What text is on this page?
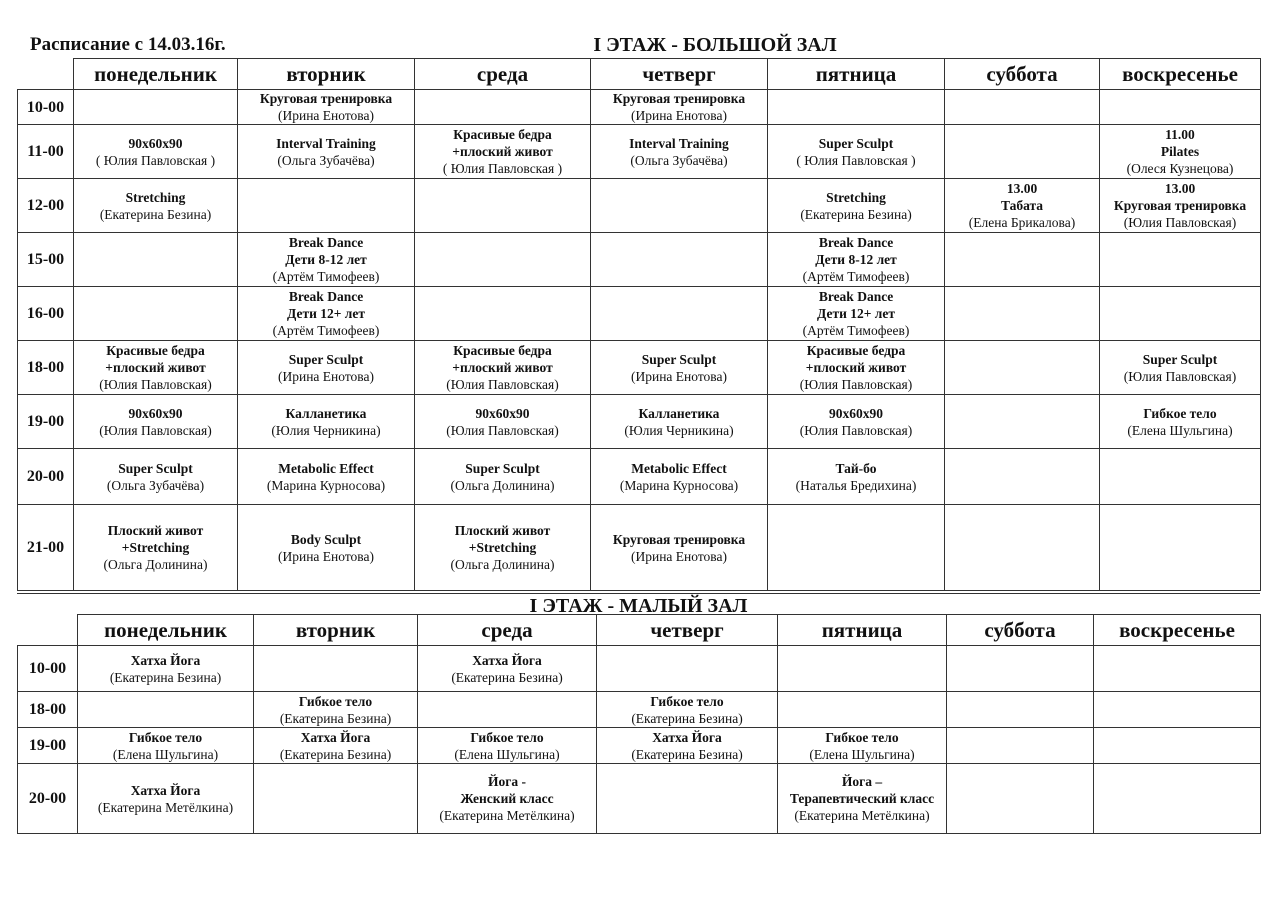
Расписание с 14.03.16г.	I ЭТАЖ - БОЛЬШОЙ ЗАЛ
	понедельник	вторник	среда	четверг	пятница	суббота	воскресенье
10-00		Круговая тренировка
(Ирина Енотова)		Круговая тренировка
(Ирина Енотова)			

11-00	90х60х90
( Юлия Павловская )	Interval Training
(Ольга Зубачёва)	Красивые бедра
+плоский живот
( Юлия Павловская )	Interval Training
(Ольга Зубачёва)	Super Sculpt
( Юлия Павловская )		11.00
Pilates
(Олеся Кузнецова)

12-00	Stretching
(Екатерина Безина)				Stretching
(Екатерина Безина)	13.00
Табата
(Елена Брикалова)	13.00
Круговая тренировка
(Юлия Павловская)

15-00		Break Dance
Дети 8-12 лет
(Артём Тимофеев)			Break Dance
Дети 8-12 лет
(Артём Тимофеев)		

16-00		Break Dance
Дети 12+ лет
(Артём Тимофеев)			Break Dance
Дети 12+ лет
(Артём Тимофеев)		

18-00	Красивые бедра
+плоский живот
(Юлия Павловская)	Super Sculpt
(Ирина Енотова)	Красивые бедра
+плоский живот
(Юлия Павловская)	Super Sculpt
(Ирина Енотова)	Красивые бедра
+плоский живот
(Юлия Павловская)		Super Sculpt
(Юлия Павловская)

19-00	90х60х90
(Юлия Павловская)	Калланетика
(Юлия Черникина)	90х60х90
(Юлия Павловская)	Калланетика
(Юлия Черникина)	90х60х90
(Юлия Павловская)		Гибкое тело
(Елена Шульгина)

20-00	Super Sculpt
(Ольга Зубачёва)	Metabolic Effect
(Марина Курносова)	Super Sculpt
(Ольга Долинина)	Metabolic Effect
(Марина Курносова)	Тай-бо
(Наталья Бредихина)		

21-00	Плоский живот
+Stretching
(Ольга Долинина)	Body Sculpt
(Ирина Енотова)	Плоский живот
+Stretching
(Ольга Долинина)	Круговая тренировка
(Ирина Енотова)			

I ЭТАЖ - МАЛЫЙ ЗАЛ
	понедельник	вторник	среда	четверг	пятница	суббота	воскресенье
10-00	Хатха Йога
(Екатерина Безина)		Хатха Йога
(Екатерина Безина)				

18-00		Гибкое тело
(Екатерина Безина)		Гибкое тело
(Екатерина Безина)			

19-00	Гибкое тело
(Елена Шульгина)	Хатха Йога
(Екатерина Безина)	Гибкое тело
(Елена Шульгина)	Хатха Йога
(Екатерина Безина)	Гибкое тело
(Елена Шульгина)		

20-00	Хатха Йога
(Екатерина Метёлкина)		Йога -
Женский класс
(Екатерина Метёлкина)		Йога –
Терапевтический класс
(Екатерина Метёлкина)		
